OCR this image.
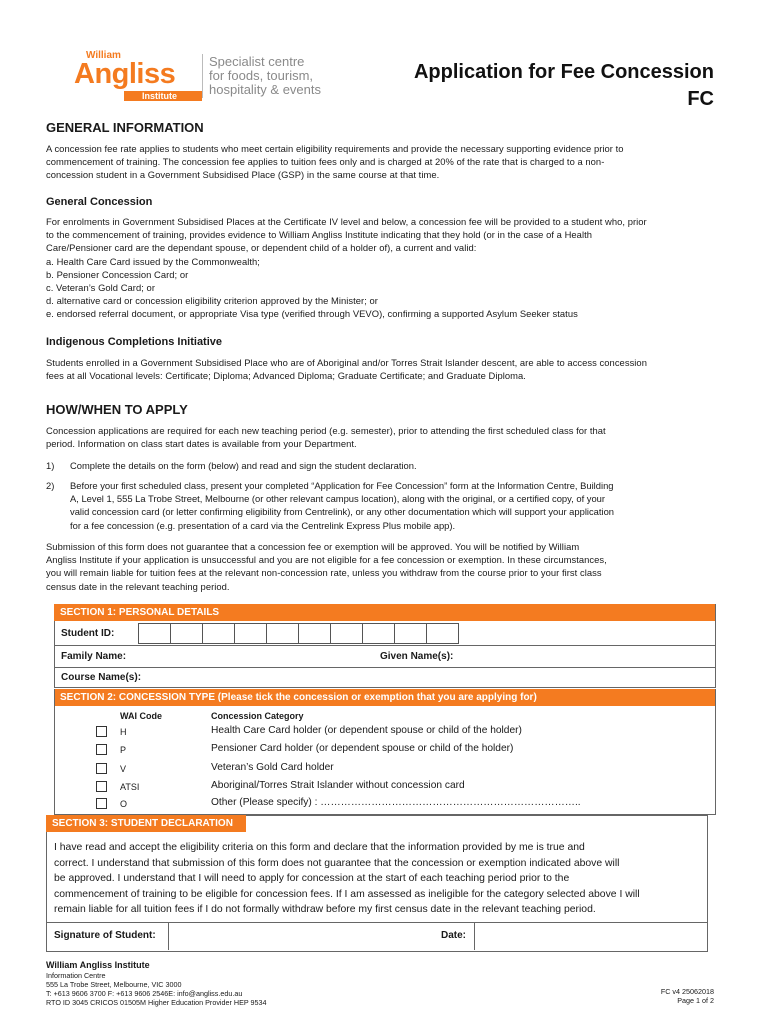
William
Angliss
Institute
Specialist centre
for foods, tourism,
hospitality & events
Application for Fee Concession
FC
GENERAL INFORMATION
A concession fee rate applies to students who meet certain eligibility requirements and provide the necessary supporting evidence prior to
commencement of training. The concession fee applies to tuition fees only and is charged at 20% of the rate that is charged to a non-
concession student in a Government Subsidised Place (GSP) in the same course at that time.
General Concession
For enrolments in Government Subsidised Places at the Certificate IV level and below, a concession fee will be provided to a student who, prior
to the commencement of training, provides evidence to William Angliss Institute indicating that they hold (or in the case of a Health
Care/Pensioner card are the dependant spouse, or dependent child of a holder of), a current and valid:
a. Health Care Card issued by the Commonwealth;
b. Pensioner Concession Card; or
c. Veteran’s Gold Card; or
d. alternative card or concession eligibility criterion approved by the Minister; or
e. endorsed referral document, or appropriate Visa type (verified through VEVO), confirming a supported Asylum Seeker status
Indigenous Completions Initiative
Students enrolled in a Government Subsidised Place who are of Aboriginal and/or Torres Strait Islander descent, are able to access concession
fees at all Vocational levels: Certificate; Diploma; Advanced Diploma; Graduate Certificate; and Graduate Diploma.
HOW/WHEN TO APPLY
Concession applications are required for each new teaching period (e.g. semester), prior to attending the first scheduled class for that
period. Information on class start dates is available from your Department.
1) Complete the details on the form (below) and read and sign the student declaration.
2) Before your first scheduled class, present your completed “Application for Fee Concession” form at the Information Centre, Building
A, Level 1, 555 La Trobe Street, Melbourne (or other relevant campus location), along with the original, or a certified copy, of your
valid concession card (or letter confirming eligibility from Centrelink), or any other documentation which will support your application
for a fee concession (e.g. presentation of a card via the Centrelink Express Plus mobile app).
Submission of this form does not guarantee that a concession fee or exemption will be approved. You will be notified by William
Angliss Institute if your application is unsuccessful and you are not eligible for a fee concession or exemption. In these circumstances,
you will remain liable for tuition fees at the relevant non-concession rate, unless you withdraw from the course prior to your first class
census date in the relevant teaching period.
SECTION 1: PERSONAL DETAILS
Student ID:
Family Name:	Given Name(s):
Course Name(s):
SECTION 2: CONCESSION TYPE (Please tick the concession or exemption that you are applying for)
WAI Code	Concession Category
H	Health Care Card holder (or dependent spouse or child of the holder)
P	Pensioner Card holder (or dependent spouse or child of the holder)
V	Veteran’s Gold Card holder
ATSI	Aboriginal/Torres Strait Islander without concession card
O	Other (Please specify) : …………………………………………………………………..
SECTION 3: STUDENT DECLARATION
I have read and accept the eligibility criteria on this form and declare that the information provided by me is true and
correct. I understand that submission of this form does not guarantee that the concession or exemption indicated above will
be approved. I understand that I will need to apply for concession at the start of each teaching period prior to the
commencement of training to be eligible for concession fees. If I am assessed as ineligible for the category selected above I will
remain liable for all tuition fees if I do not formally withdraw before my first census date in the relevant teaching period.
Signature of Student:	Date:
William Angliss Institute
Information Centre
555 La Trobe Street, Melbourne, VIC 3000
T: +613 9606 3700 F: +613 9606 2546E: info@angliss.edu.au
RTO ID 3045 CRICOS 01505M Higher Education Provider HEP 9534
FC v4 25062018
Page 1 of 2
